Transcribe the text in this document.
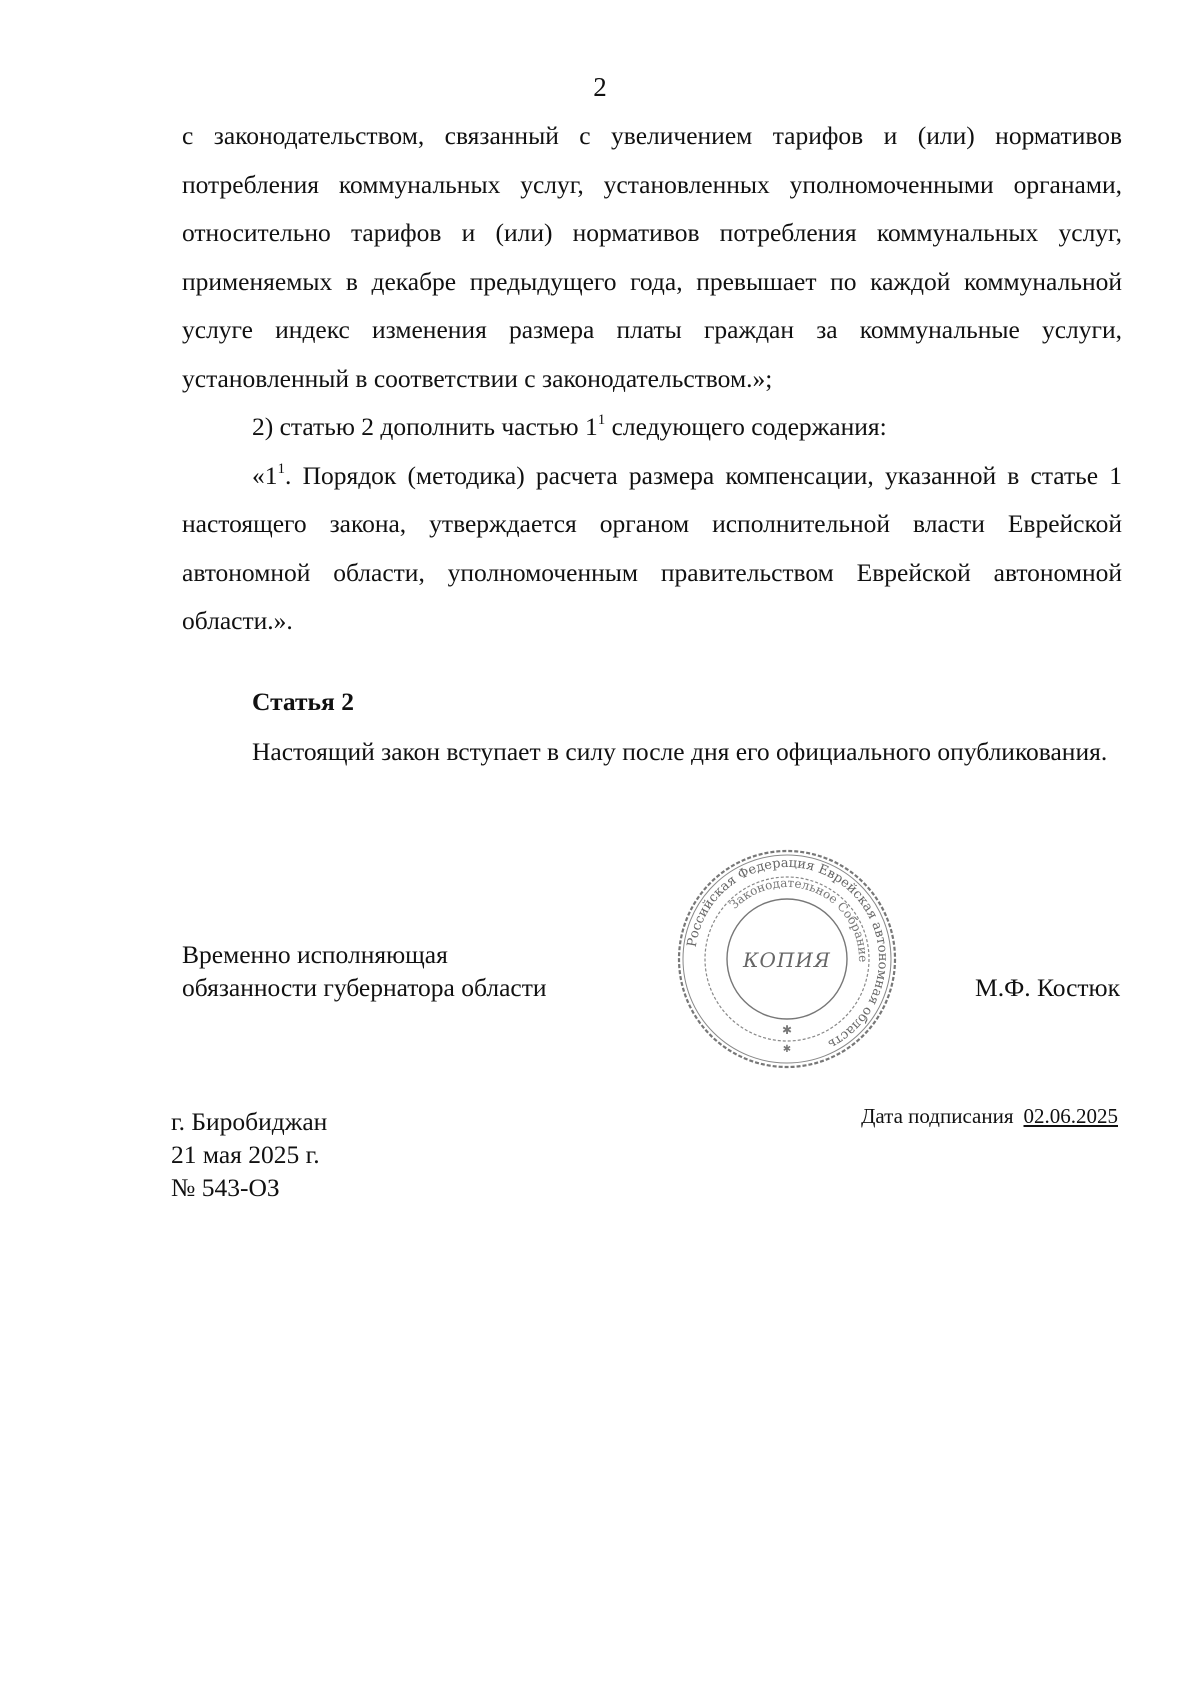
2

с законодательством, связанный с увеличением тарифов и (или) нормативов потребления коммунальных услуг, установленных уполномоченными органами, относительно тарифов и (или) нормативов потребления коммунальных услуг, применяемых в декабре предыдущего года, превышает по каждой коммунальной услуге индекс изменения размера платы граждан за коммунальные услуги, установленный в соответствии с законодательством.»;

2) статью 2 дополнить частью $1^1$ следующего содержания:

«$1^1$. Порядок (методика) расчета размера компенсации, указанной в статье 1 настоящего закона, утверждается органом исполнительной власти Еврейской автономной области, уполномоченным правительством Еврейской автономной области.».

Статья 2

Настоящий закон вступает в силу после дня его официального опубликования.

Временно исполняющая
обязанности губернатора области
Российская Федерация Еврейская автономная область
Законодательное Собрание
КОПИЯ
✱
✱
М.Ф. Костюк
г. Биробиджан
21 мая 2025 г.
№ 543-ОЗ
Дата подписания 02.06.2025
